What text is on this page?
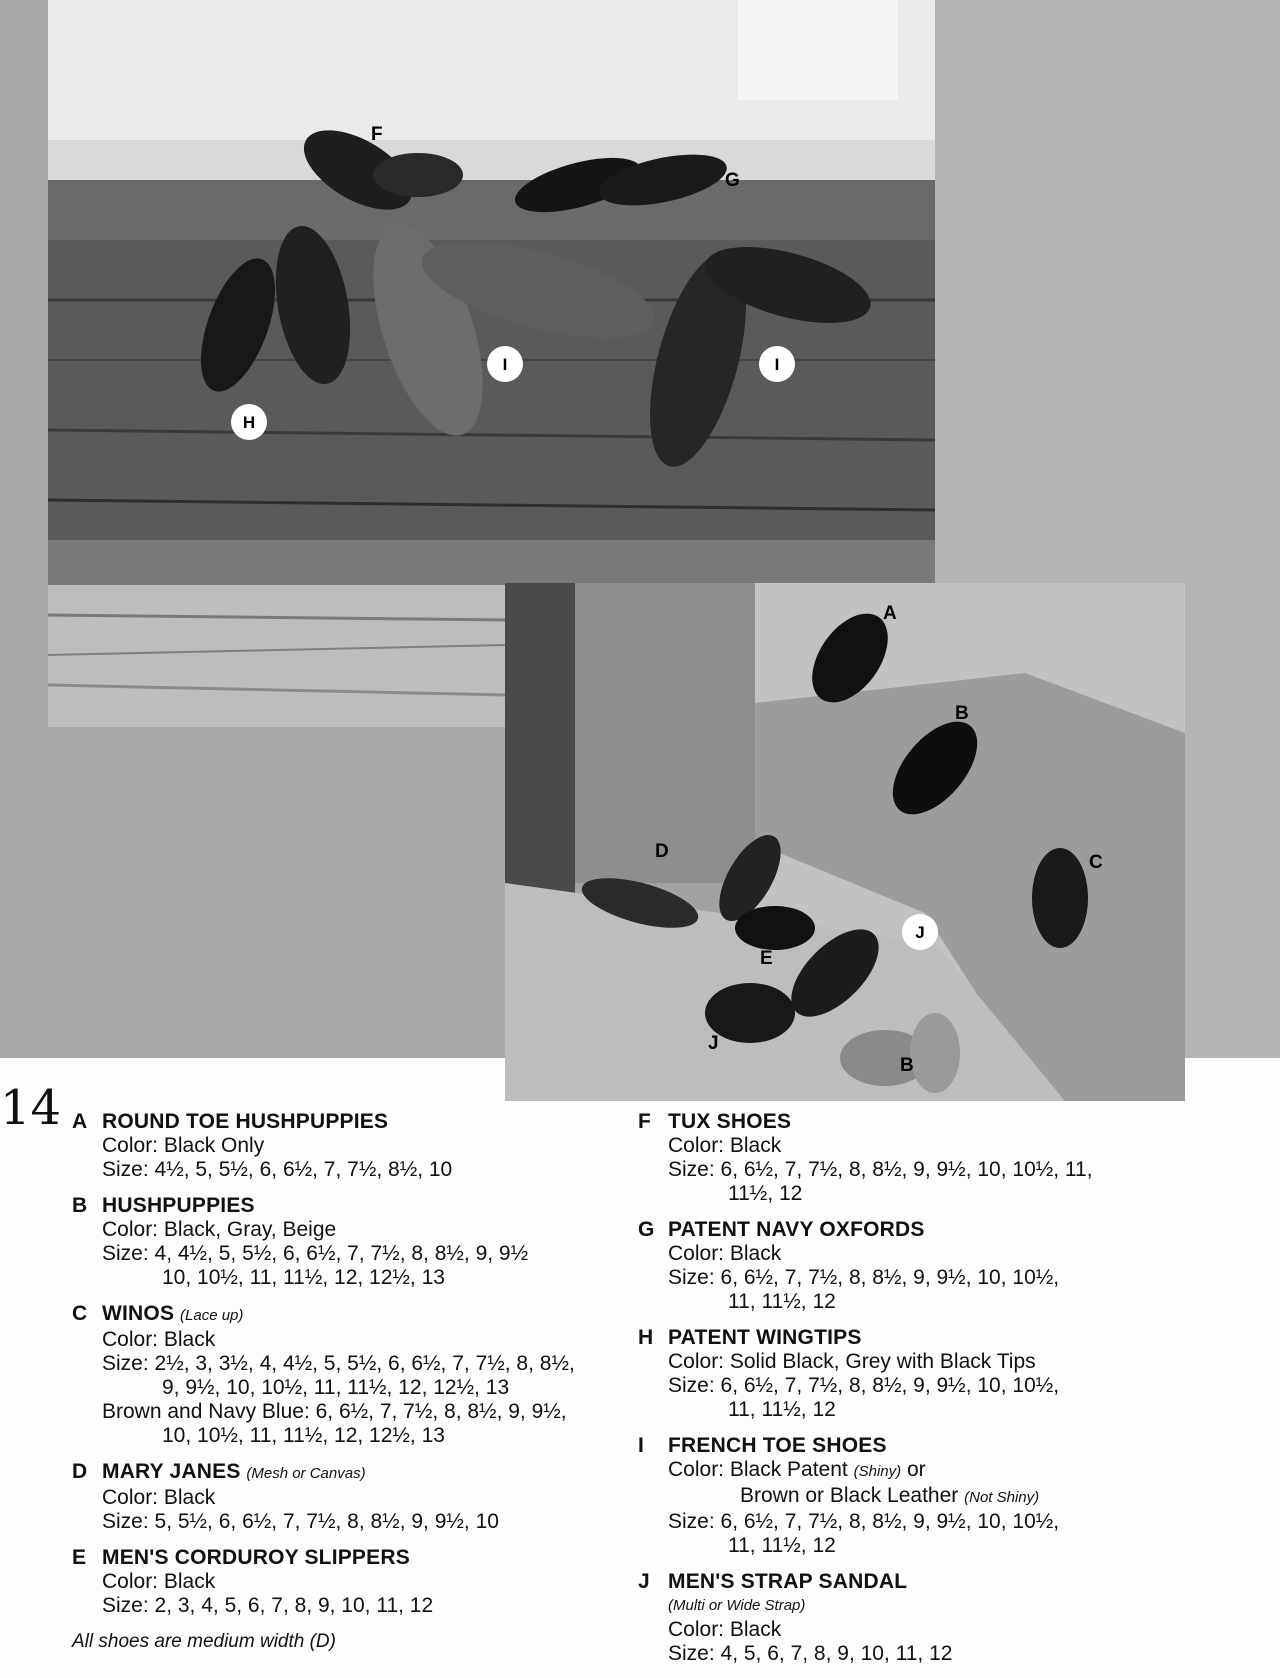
F
G
H
I	I
A
B
C
D
E
J
J
B
14 A ROUND TOE HUSHPUPPIES
Color: Black Only
Size: 4½, 5, 5½, 6, 6½, 7, 7½, 8½, 10
B HUSHPUPPIES
Color: Black, Gray, Beige
Size: 4, 4½, 5, 5½, 6, 6½, 7, 7½, 8, 8½, 9, 9½
10, 10½, 11, 11½, 12, 12½, 13
C WINOS (Lace up)
Color: Black
Size: 2½, 3, 3½, 4, 4½, 5, 5½, 6, 6½, 7, 7½, 8, 8½,
9, 9½, 10, 10½, 11, 11½, 12, 12½, 13
Brown and Navy Blue: 6, 6½, 7, 7½, 8, 8½, 9, 9½,
10, 10½, 11, 11½, 12, 12½, 13
D MARY JANES (Mesh or Canvas)
Color: Black
Size: 5, 5½, 6, 6½, 7, 7½, 8, 8½, 9, 9½, 10
E MEN'S CORDUROY SLIPPERS
Color: Black
Size: 2, 3, 4, 5, 6, 7, 8, 9, 10, 11, 12
All shoes are medium width (D)
F TUX SHOES
Color: Black
Size: 6, 6½, 7, 7½, 8, 8½, 9, 9½, 10, 10½, 11,
11½, 12
G PATENT NAVY OXFORDS
Color: Black
Size: 6, 6½, 7, 7½, 8, 8½, 9, 9½, 10, 10½,
11, 11½, 12
H PATENT WINGTIPS
Color: Solid Black, Grey with Black Tips
Size: 6, 6½, 7, 7½, 8, 8½, 9, 9½, 10, 10½,
11, 11½, 12
I FRENCH TOE SHOES
Color: Black Patent (Shiny) or
Brown or Black Leather (Not Shiny)
Size: 6, 6½, 7, 7½, 8, 8½, 9, 9½, 10, 10½,
11, 11½, 12
J MEN'S STRAP SANDAL
(Multi or Wide Strap)
Color: Black
Size: 4, 5, 6, 7, 8, 9, 10, 11, 12
